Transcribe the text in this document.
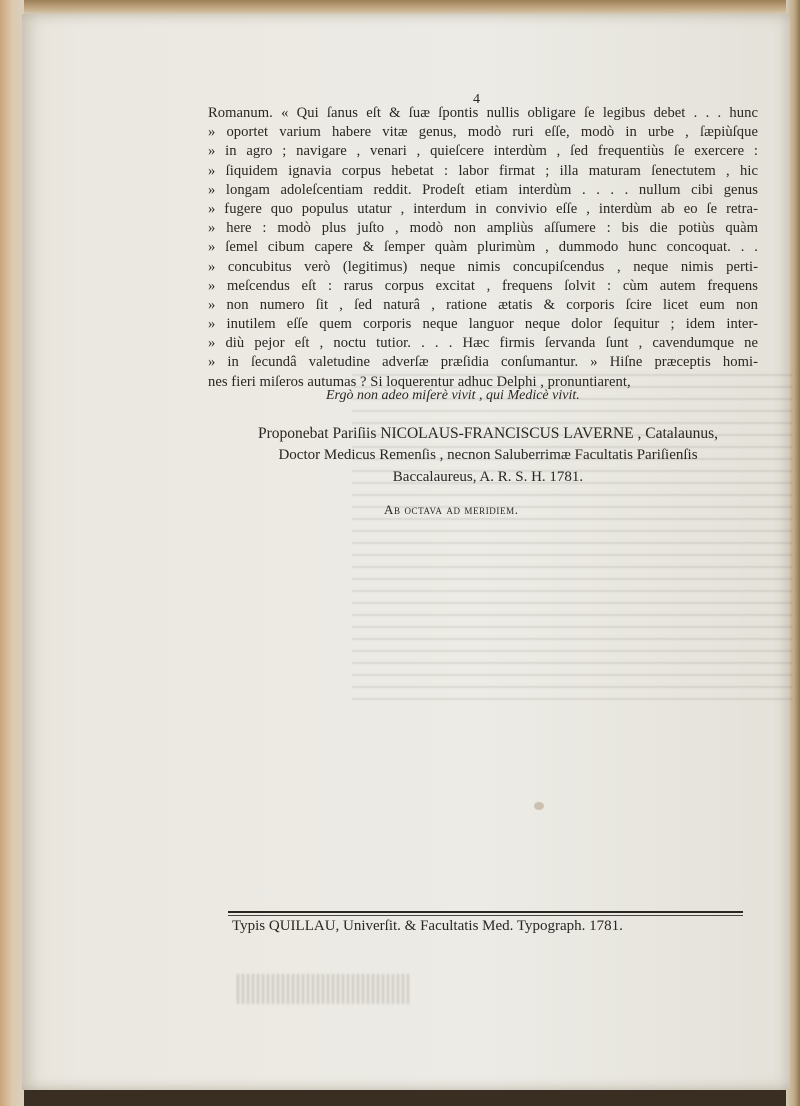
4
Romanum. « Qui ſanus eſt & ſuæ ſpontis nullis obligare ſe legibus debet . . . hunc
» oportet varium habere vitæ genus, modò ruri eſſe, modò in urbe , ſæpiùſque
» in agro ; navigare , venari , quieſcere interdùm , ſed frequentiùs ſe exercere :
» ſiquidem ignavia corpus hebetat : labor firmat ; illa maturam ſenectutem , hic
» longam adoleſcentiam reddit. Prodeſt etiam interdùm . . . . nullum cibi genus
» fugere quo populus utatur , interdum in convivio eſſe , interdùm ab eo ſe retra-
» here : modò plus juſto , modò non ampliùs aſſumere : bis die potiùs quàm
» ſemel cibum capere & ſemper quàm plurimùm , dummodo hunc concoquat. . .
» concubitus verò (legitimus) neque nimis concupiſcendus , neque nimis perti-
» meſcendus eſt : rarus corpus excitat , frequens ſolvit : cùm autem frequens
» non numero ſit , ſed naturâ , ratione ætatis & corporis ſcire licet eum non
» inutilem eſſe quem corporis neque languor neque dolor ſequitur ; idem inter-
» diù pejor eſt , noctu tutior. . . . Hæc firmis ſervanda ſunt , cavendumque ne
» in ſecundâ valetudine adverſæ præſidia conſumantur. » Hiſne præceptis homi-
nes fieri miſeros autumas ? Si loquerentur adhuc Delphi , pronuntiarent,
Ergò non adeo miſerè vivit , qui Medicè vivit.
Proponebat Pariſiis NICOLAUS-FRANCISCUS LAVERNE , Catalaunus,
Doctor Medicus Remenſis , necnon Saluberrimæ Facultatis Pariſienſis
Baccalaureus, A. R. S. H. 1781.
Ab octava ad meridiem.
Typis QUILLAU, Univerſit. & Facultatis Med. Typograph. 1781.
